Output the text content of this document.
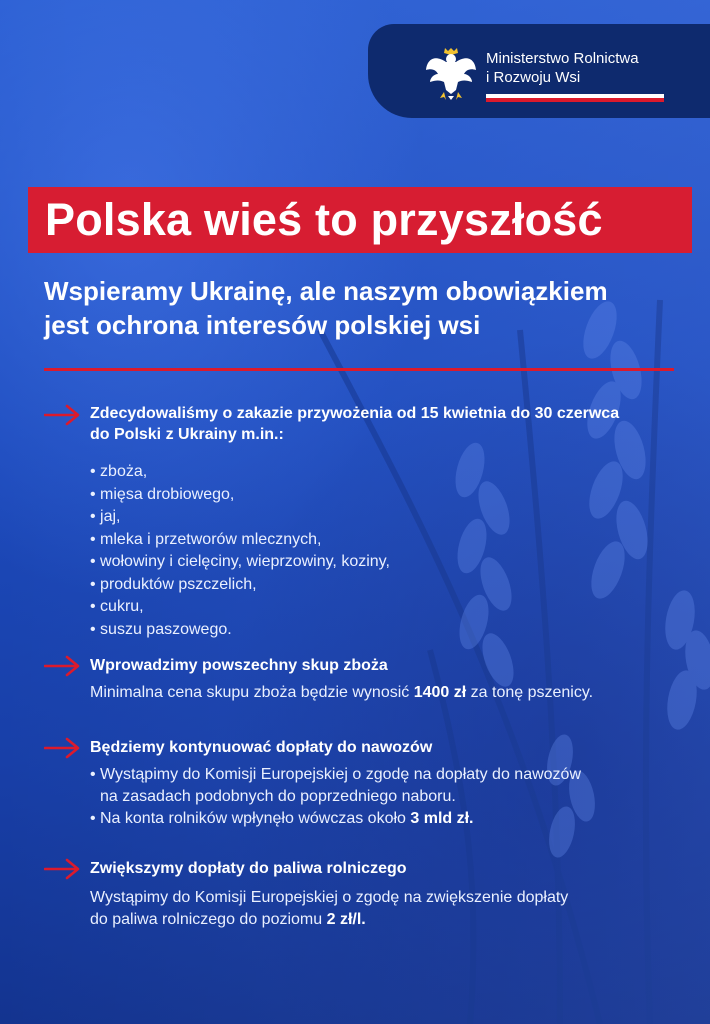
Ministerstwo Rolnictwa
i Rozwoju Wsi
Polska wieś to przyszłość

Wspieramy Ukrainę, ale naszym obowiązkiem
jest ochrona interesów polskiej wsi

Zdecydowaliśmy o zakazie przywożenia od 15 kwietnia do 30 czerwca
do Polski z Ukrainy m.in.:

• zboża,
• mięsa drobiowego,
• jaj,
• mleka i przetworów mlecznych,
• wołowiny i cielęciny, wieprzowiny, koziny,
• produktów pszczelich,
• cukru,
• suszu paszowego.

Wprowadzimy powszechny skup zboża

Minimalna cena skupu zboża będzie wynosić 1400 zł za tonę pszenicy.

Będziemy kontynuować dopłaty do nawozów

• Wystąpimy do Komisji Europejskiej o zgodę na dopłaty do nawozów
na zasadach podobnych do poprzedniego naboru.
• Na konta rolników wpłynęło wówczas około 3 mld zł.

Zwiększymy dopłaty do paliwa rolniczego

Wystąpimy do Komisji Europejskiej o zgodę na zwiększenie dopłaty
do paliwa rolniczego do poziomu 2 zł/l.
